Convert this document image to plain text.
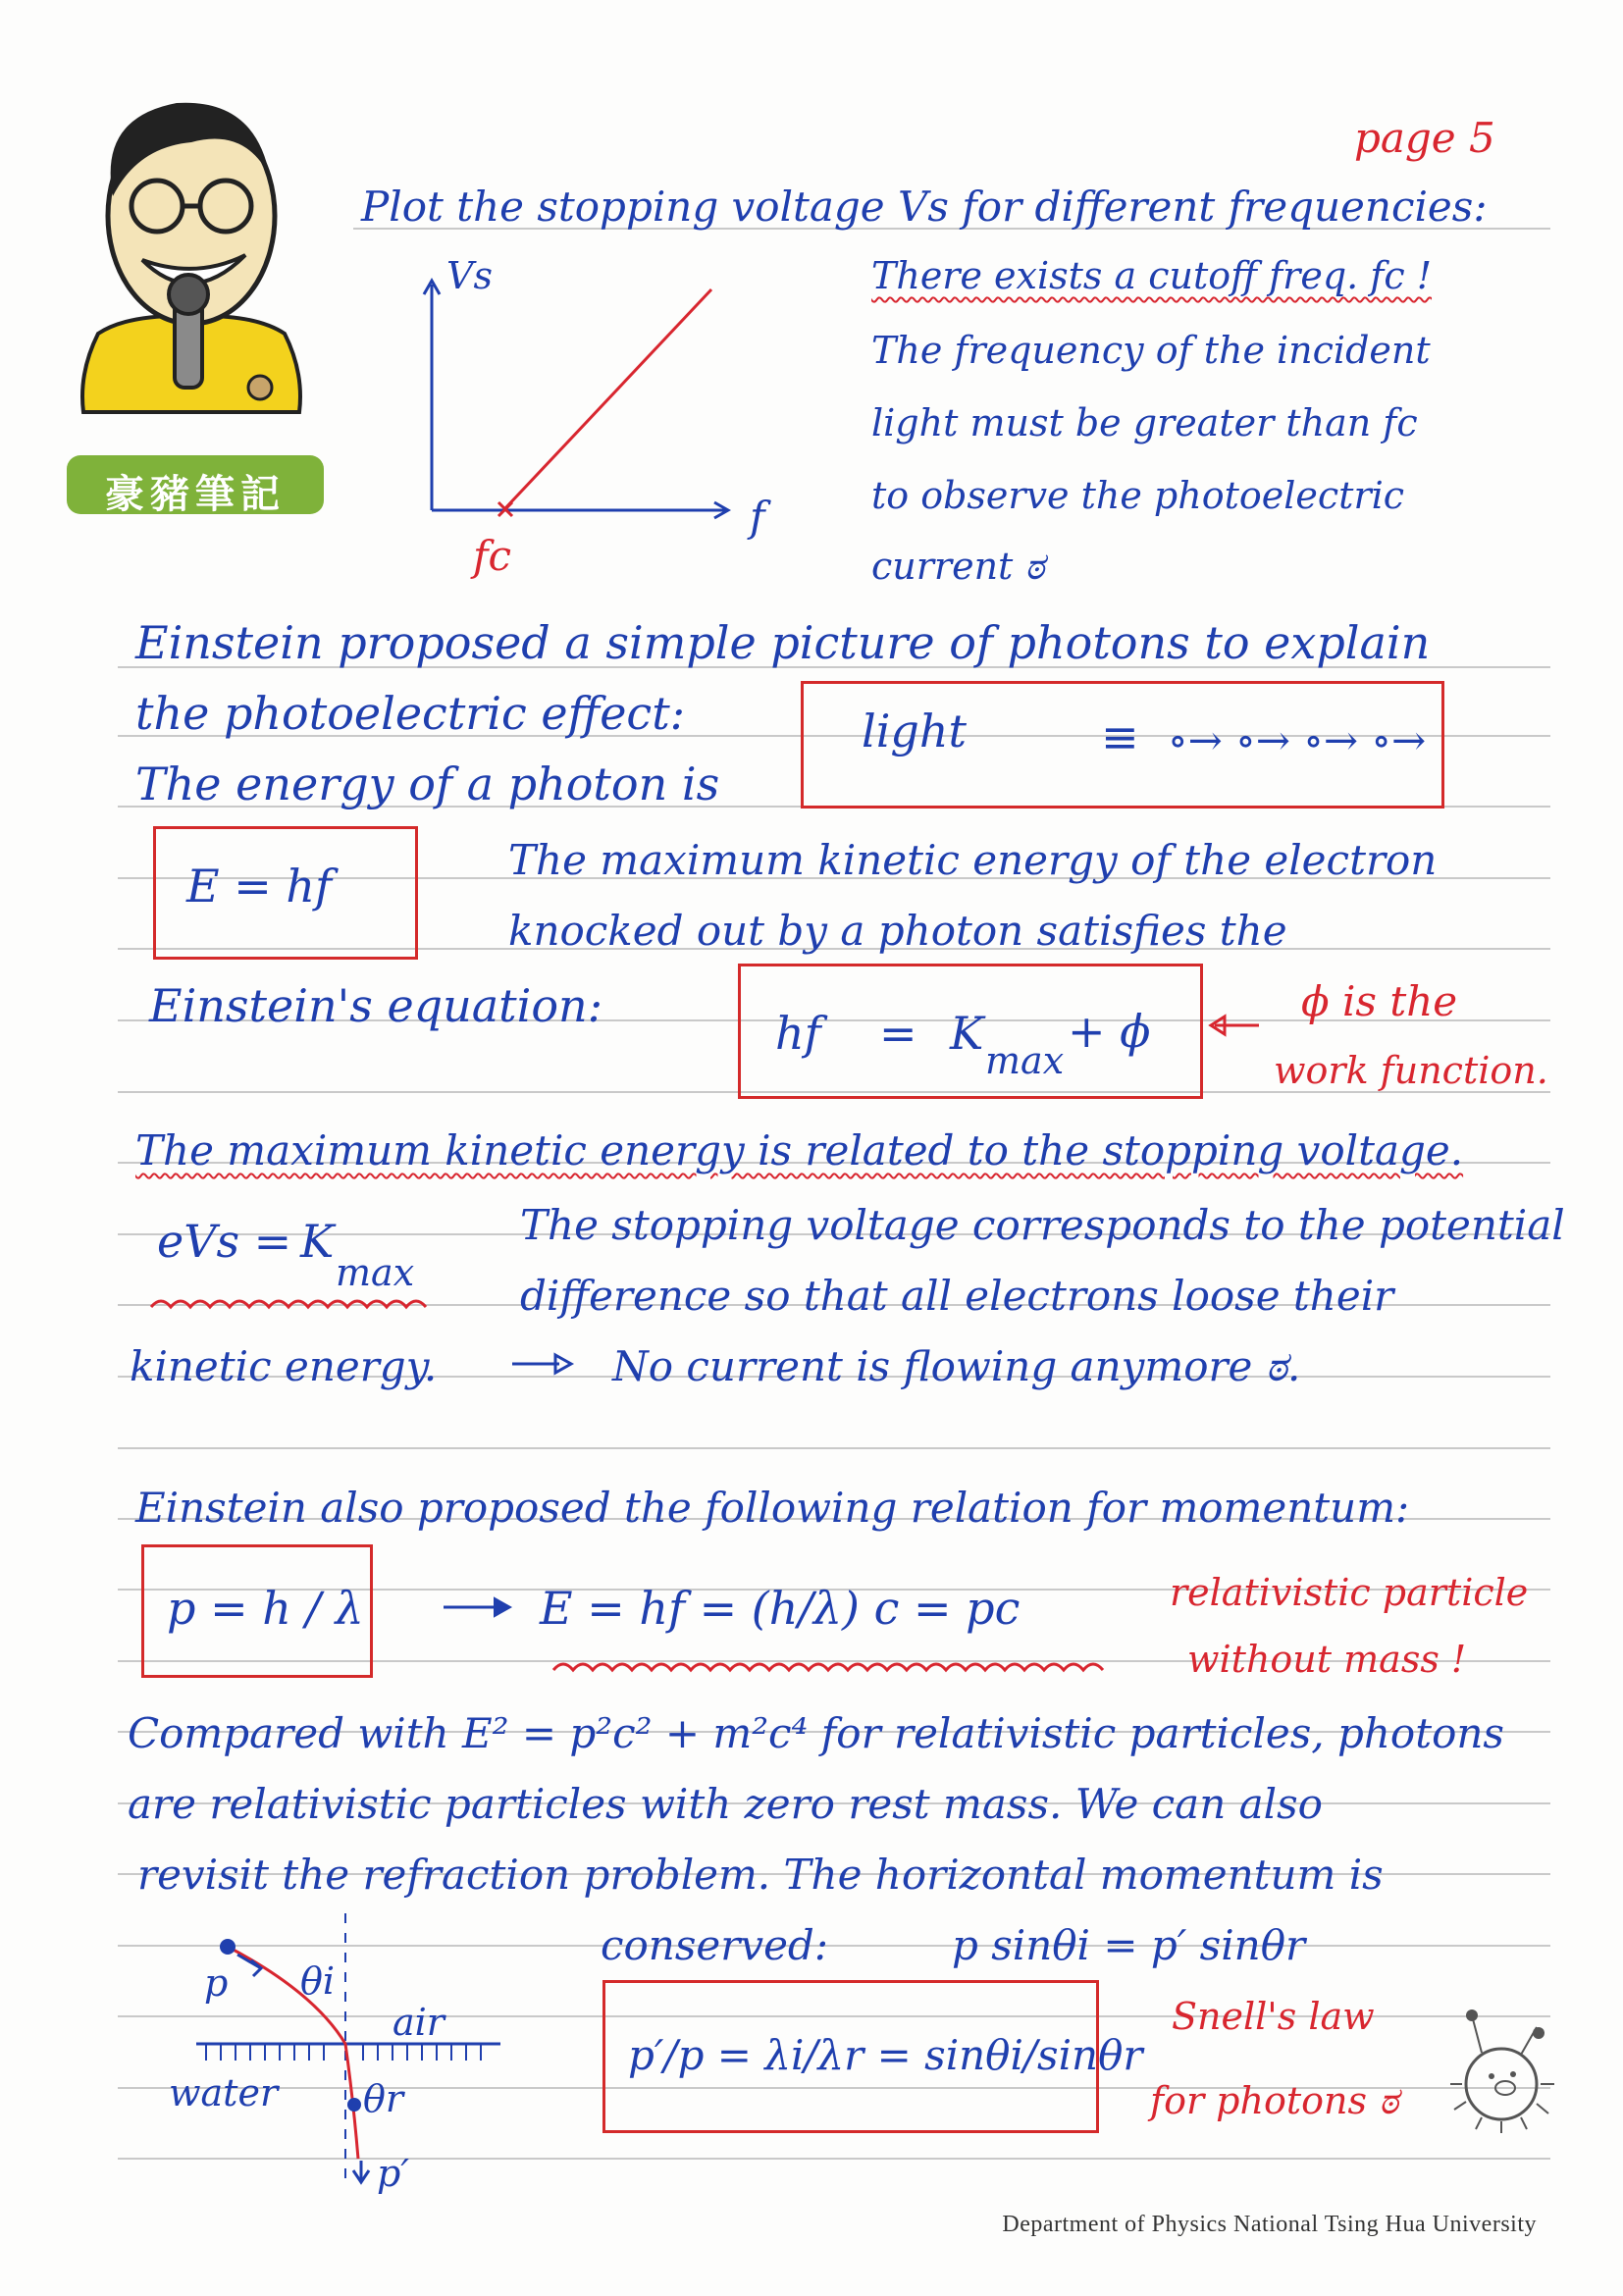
豪豬筆記
page 5
Plot the stopping voltage Vs for different frequencies:
Vs
f
fc
There exists a cutoff freq. fc !
The frequency of the incident
light must be greater than fc
to observe the photoelectric
current ಠ
Einstein proposed a simple picture of photons to explain
the photoelectric effect:
The energy of a photon is
light	≡ ∘→ ∘→ ∘→ ∘→
E = hf	The maximum kinetic energy of the electron
knocked out by a photon satisfies the
Einstein's equation:
hf = K
max
+ ϕ
ϕ is the
work function.
The maximum kinetic energy is related to the stopping voltage.
eVs = K
max
The stopping voltage corresponds to the potential
difference so that all electrons loose their
kinetic energy.	No current is flowing anymore ಠ.
Einstein also proposed the following relation for momentum:
p = h / λ	E = hf = (h/λ) c = pc	relativistic particle
without mass !
Compared with E² = p²c² + m²c⁴ for relativistic particles, photons
are relativistic particles with zero rest mass. We can also
revisit the refraction problem. The horizontal momentum is
conserved:	p sinθi = p′ sinθr
p θi
air
water θr
p′
p′/p = λi/λr = sinθi/sinθr
Snell's law
for photons ಠ
Department of Physics National Tsing Hua University
